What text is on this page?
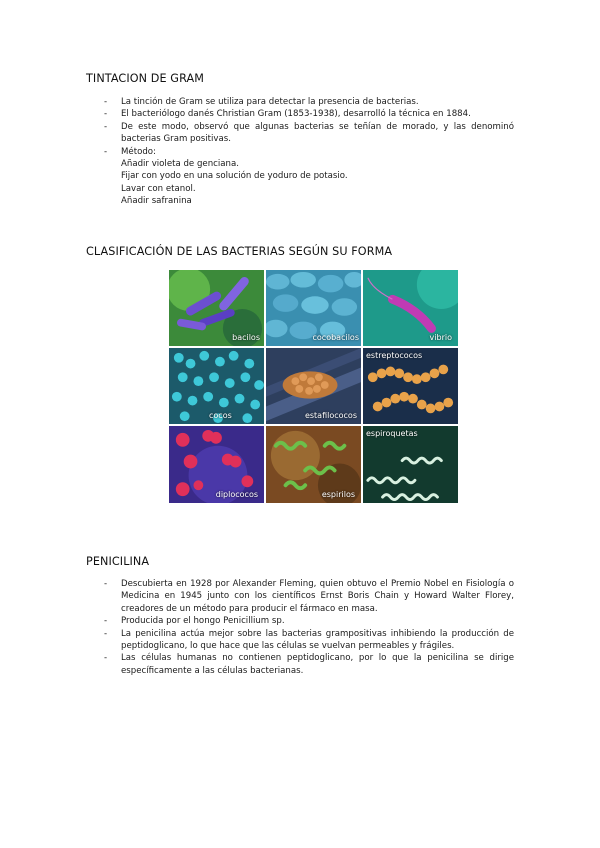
TINTACION DE GRAM
- La tinción de Gram se utiliza para detectar la presencia de bacterias.
- El bacteriólogo danés Christian Gram (1853-1938), desarrolló la técnica en 1884.
- De este modo, observó que algunas bacterias se teñían de morado, y las denominó bacterias Gram positivas.
- Método:
Añadir violeta de genciana.
Fijar con yodo en una solución de yoduro de potasio.
Lavar con etanol.
Añadir safranina
CLASIFICACIÓN DE LAS BACTERIAS SEGÚN SU FORMA
bacilos	cocobacilos	vibrio
cocos	estafilococos
estreptococos
diplococos	espirilos
espiroquetas
PENICILINA
- Descubierta en 1928 por Alexander Fleming, quien obtuvo el Premio Nobel en Fisiología o Medicina en 1945 junto con los científicos Ernst Boris Chain y Howard Walter Florey, creadores de un método para producir el fármaco en masa.
- Producida por el hongo Penicillium sp.
- La penicilina actúa mejor sobre las bacterias grampositivas inhibiendo la producción de peptidoglicano, lo que hace que las células se vuelvan permeables y frágiles.
- Las células humanas no contienen peptidoglicano, por lo que la penicilina se dirige específicamente a las células bacterianas.
